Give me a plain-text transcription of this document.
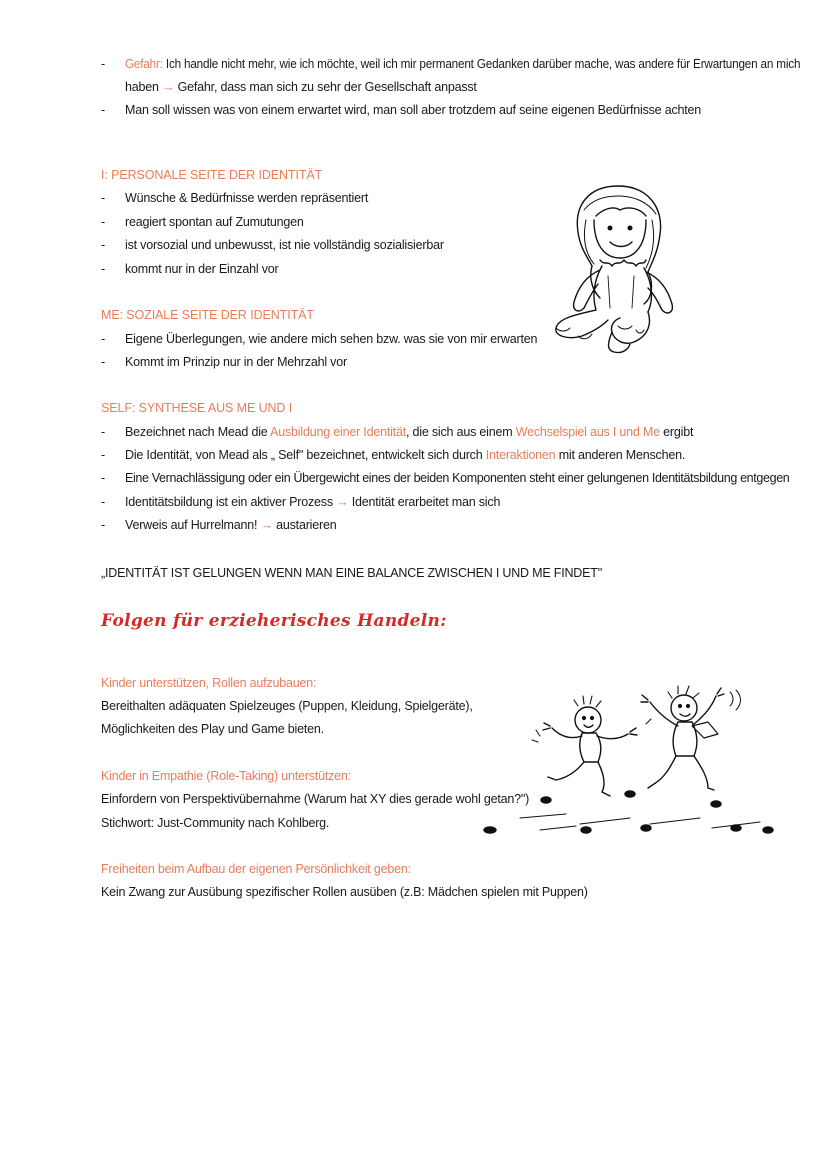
- Gefahr: Ich handle nicht mehr, wie ich möchte, weil ich mir permanent Gedanken darüber mache, was andere für Erwartungen an mich
haben → Gefahr, dass man sich zu sehr der Gesellschaft anpasst
- Man soll wissen was von einem erwartet wird, man soll aber trotzdem auf seine eigenen Bedürfnisse achten
I: PERSONALE SEITE DER IDENTITÄT
- Wünsche & Bedürfnisse werden repräsentiert
- reagiert spontan auf Zumutungen
- ist vorsozial und unbewusst, ist nie vollständig sozialisierbar
- kommt nur in der Einzahl vor
ME: SOZIALE SEITE DER IDENTITÄT
- Eigene Überlegungen, wie andere mich sehen bzw. was sie von mir erwarten
- Kommt im Prinzip nur in der Mehrzahl vor
SELF: SYNTHESE AUS ME UND I
- Bezeichnet nach Mead die Ausbildung einer Identität, die sich aus einem Wechselspiel aus I und Me ergibt
- Die Identität, von Mead als „ Self" bezeichnet, entwickelt sich durch Interaktionen mit anderen Menschen.
- Eine Vernachlässigung oder ein Übergewicht eines der beiden Komponenten steht einer gelungenen Identitätsbildung entgegen
- Identitätsbildung ist ein aktiver Prozess → Identität erarbeitet man sich
- Verweis auf Hurrelmann! → austarieren
„IDENTITÄT IST GELUNGEN WENN MAN EINE BALANCE ZWISCHEN I UND ME FINDET"
Folgen für erzieherisches Handeln:
Kinder unterstützen, Rollen aufzubauen:
Bereithalten adäquaten Spielzeuges (Puppen, Kleidung, Spielgeräte),
Möglichkeiten des Play und Game bieten.
Kinder in Empathie (Role-Taking) unterstützen:
Einfordern von Perspektivübernahme (Warum hat XY dies gerade wohl getan?")
Stichwort: Just-Community nach Kohlberg.
Freiheiten beim Aufbau der eigenen Persönlichkeit geben:
Kein Zwang zur Ausübung spezifischer Rollen ausüben (z.B: Mädchen spielen mit Puppen)
